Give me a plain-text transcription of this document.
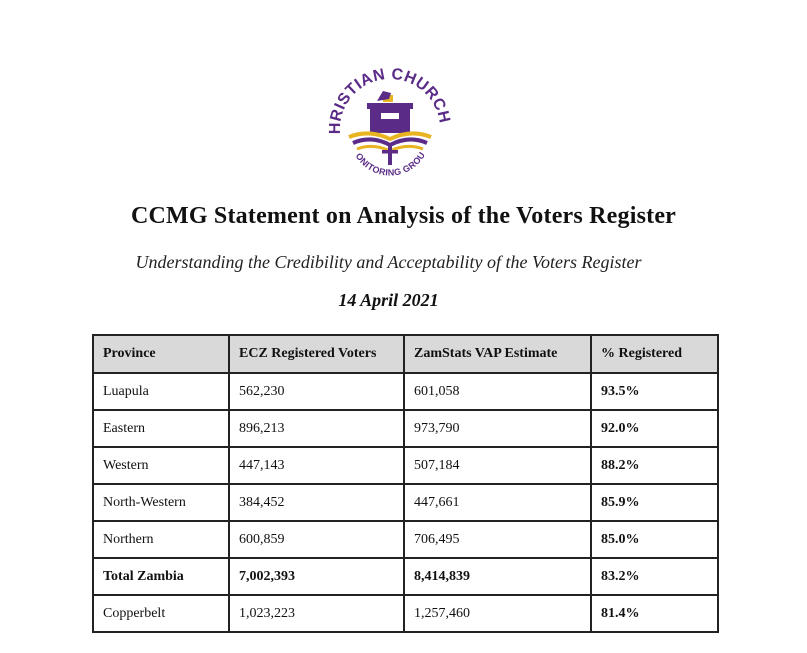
HRISTIAN CHURCH
ONITORING GROU
CCMG Statement on Analysis of the Voters Register
Understanding the Credibility and Acceptability of the Voters Register
14 April 2021
Province	ECZ Registered Voters	ZamStats VAP Estimate	% Registered
Luapula	562,230	601,058	93.5%
Eastern	896,213	973,790	92.0%
Western	447,143	507,184	88.2%
North-Western	384,452	447,661	85.9%
Northern	600,859	706,495	85.0%
Total Zambia	7,002,393	8,414,839	83.2%
Copperbelt	1,023,223	1,257,460	81.4%
